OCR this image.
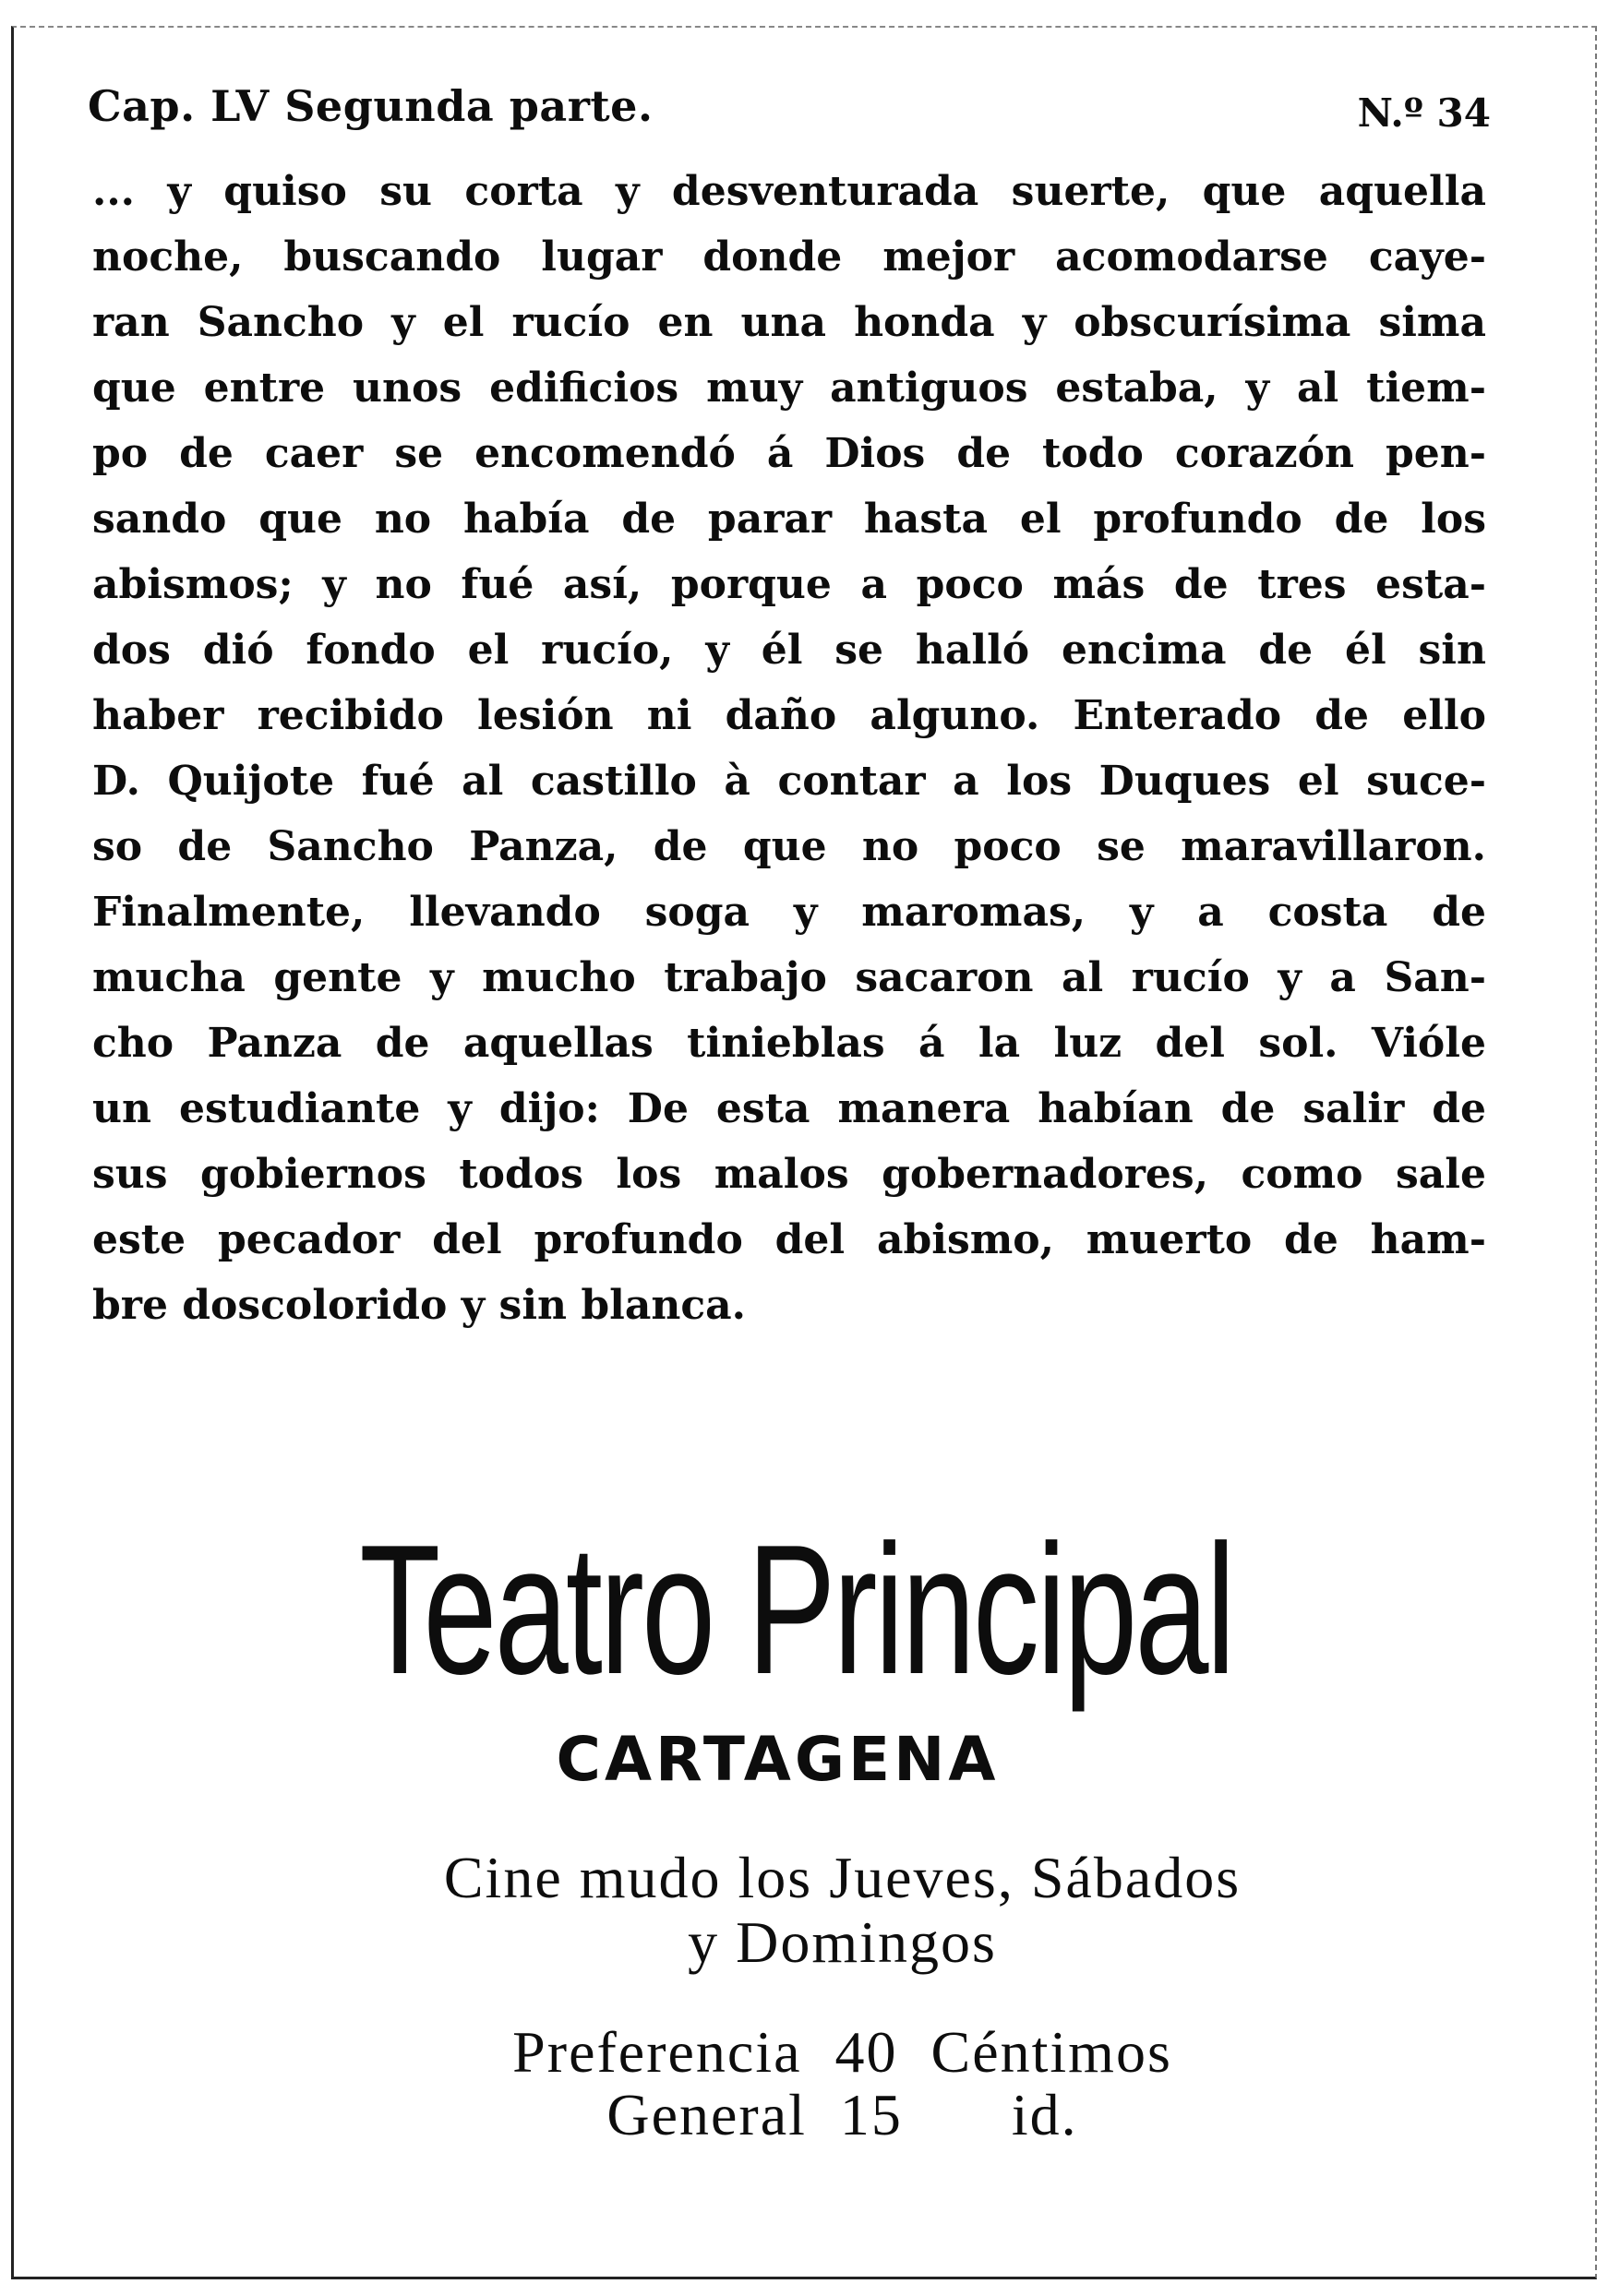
Cap. LV Segunda parte.	N.º 34
... y quiso su corta y desventurada suerte, que aquella
noche, buscando lugar donde mejor acomodarse caye-
ran Sancho y el rucío en una honda y obscurísima sima
que entre unos edificios muy antiguos estaba, y al tiem-
po de caer se encomendó á Dios de todo corazón pen-
sando que no había de parar hasta el profundo de los
abismos; y no fué así, porque a poco más de tres esta-
dos dió fondo el rucío, y él se halló encima de él sin
haber recibido lesión ni daño alguno. Enterado de ello
D. Quijote fué al castillo à contar a los Duques el suce-
so de Sancho Panza, de que no poco se maravillaron.
Finalmente, llevando soga y maromas, y a costa de
mucha gente y mucho trabajo sacaron al rucío y a San-
cho Panza de aquellas tinieblas á la luz del sol. Vióle
un estudiante y dijo: De esta manera habían de salir de
sus gobiernos todos los malos gobernadores, como sale
este pecador del profundo del abismo, muerto de ham-
bre doscolorido y sin blanca.
Teatro Principal
CARTAGENA
Cine mudo los Jueves, Sábados
y Domingos
Preferencia 40 Céntimos
General 15 id.
